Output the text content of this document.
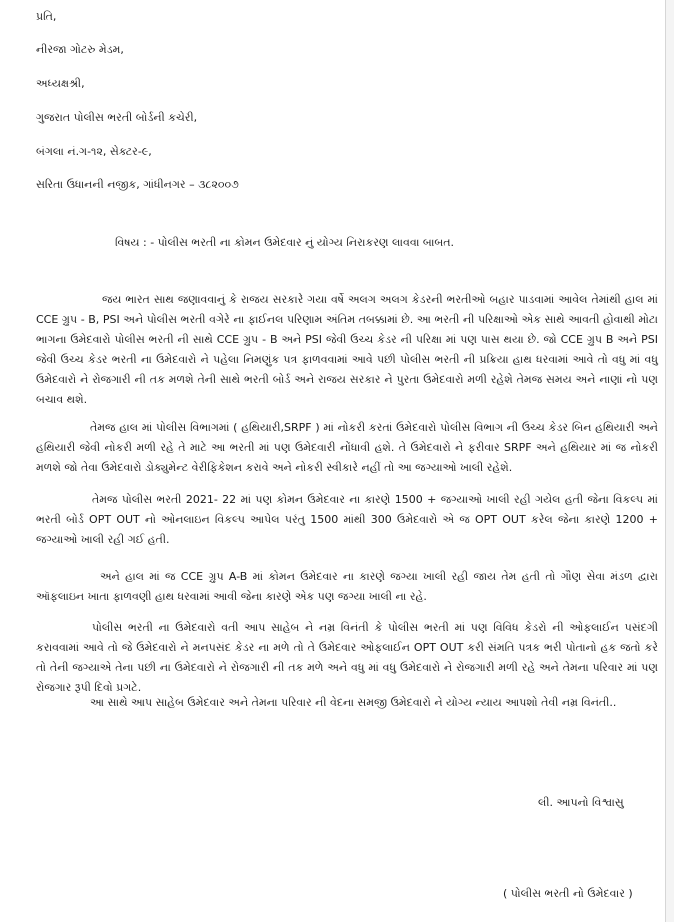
પ્રતિ,

નીરજા ગોટરુ મેડમ,

અધ્યક્ષશ્રી,

ગુજરાત પોલીસ ભરતી બોર્ડની કચેરી,

બંગલા નં.ગ-૧૨, સેક્ટર-૯,

સરિતા ઉધાનની નજીક, ગાંધીનગર – ૩૮૨૦૦૭

વિષય : - પોલીસ ભરતી ના કોમન ઉમેદવાર નું યોગ્ય નિરાકરણ લાવવા બાબત.

જય ભારત સાથ જણાવવાનું કે રાજય સરકારે ગયા વર્ષે અલગ અલગ કેડરની ભરતીઓ બહાર પાડવામાં આવેલ તેમાંથી હાલ માં CCE ગ્રુપ - B, PSI અને પોલીસ ભરતી વગેરે ના ફાઈનલ પરિણામ અંતિમ તબક્કામાં છે. આ ભરતી ની પરિક્ષાઓ એક સાથે આવતી હોવાથી મોટા ભાગના ઉમેદવારો પોલીસ ભરતી ની સાથે CCE ગ્રુપ - B અને PSI જેવી ઉચ્ચ કેડર ની પરિક્ષા માં પણ પાસ થયા છે. જો CCE ગ્રુપ B અને PSI જેવી ઉચ્ચ કેડર ભરતી ના ઉમેદવારો ને પહેલા નિમણુંક પત્ર ફાળવવામાં આવે પછી પોલીસ ભરતી ની પ્રક્રિયા હાથ ધરવામાં આવે તો વધુ માં વધુ ઉમેદવારો ને રોજગારી ની તક મળશે તેની સાથે ભરતી બોર્ડ અને રાજય સરકાર ને પુરતા ઉમેદવારો મળી રહેશે તેમજ સમય અને નાણાં નો પણ બચાવ થશે.

તેમજ હાલ માં પોલીસ વિભાગમાં ( હથિયારી,SRPF ) માં નોકરી કરતાં ઉમેદવારો પોલીસ વિભાગ ની ઉચ્ચ કેડર બિન હથિયારી અને હથિયારી જેવી નોકરી મળી રહે તે માટે આ ભરતી માં પણ ઉમેદવારી નોંધાવી હશે. તે ઉમેદવારો ને ફરીવાર SRPF અને હથિયાર માં જ નોકરી મળશે જો તેવા ઉમેદવારો ડોક્યુમેન્ટ વેરીફિકેશન કરાવે અને નોકરી સ્વીકારે નહીં તો આ જગ્યાઓ ખાલી રહેશે.

તેમજ પોલીસ ભરતી 2021- 22 માં પણ કોમન ઉમેદવાર ના કારણે 1500 + જગ્યાઓ ખાલી રહી ગયેલ હતી જેના વિકલ્પ માં ભરતી બોર્ડ OPT OUT નો ઓનલાઇન વિકલ્પ આપેલ પરંતુ 1500 માંથી 300 ઉમેદવારો એ જ OPT OUT કરેલ જેના કારણે 1200 + જગ્યાઓ ખાલી રહી ગઈ હતી.

અને હાલ માં જ CCE ગ્રુપ A-B માં કોમન ઉમેદવાર ના કારણે જગ્યા ખાલી રહી જાય તેમ હતી તો ગૌણ સેવા મંડળ દ્વારા ઑફલાઇન ખાતા ફાળવણી હાથ ધરવામાં આવી જેના કારણે એક પણ જગ્યા ખાલી ના રહે.

પોલીસ ભરતી ના ઉમેદવારો વતી આપ સાહેબ ને નમ્ર વિનંતી કે પોલીસ ભરતી માં પણ વિવિધ કેડરો ની ઓફલાઈન પસંદગી કરાવવામાં આવે તો જે ઉમેદવારો ને મનપસંદ કેડર ના મળે તો તે ઉમેદવાર ઓફલાઈન OPT OUT કરી સંમતિ પત્રક ભરી પોતાનો હક જતો કરે તો તેની જગ્યાએ તેના પછી ના ઉમેદવારો ને રોજગારી ની તક મળે અને વધુ માં વધુ ઉમેદવારો ને રોજગારી મળી રહે અને તેમના પરિવાર માં પણ રોજગાર રૂપી દિવો પ્રગટે.

આ સાથે આપ સાહેબ ઉમેદવાર અને તેમના પરિવાર ની વેદના સમજી ઉમેદવારો ને યોગ્ય ન્યાય આપશો તેવી નમ્ર વિનંતી..

લી. આપનો વિશ્વાસુ

( પોલીસ ભરતી નો ઉમેદવાર )
